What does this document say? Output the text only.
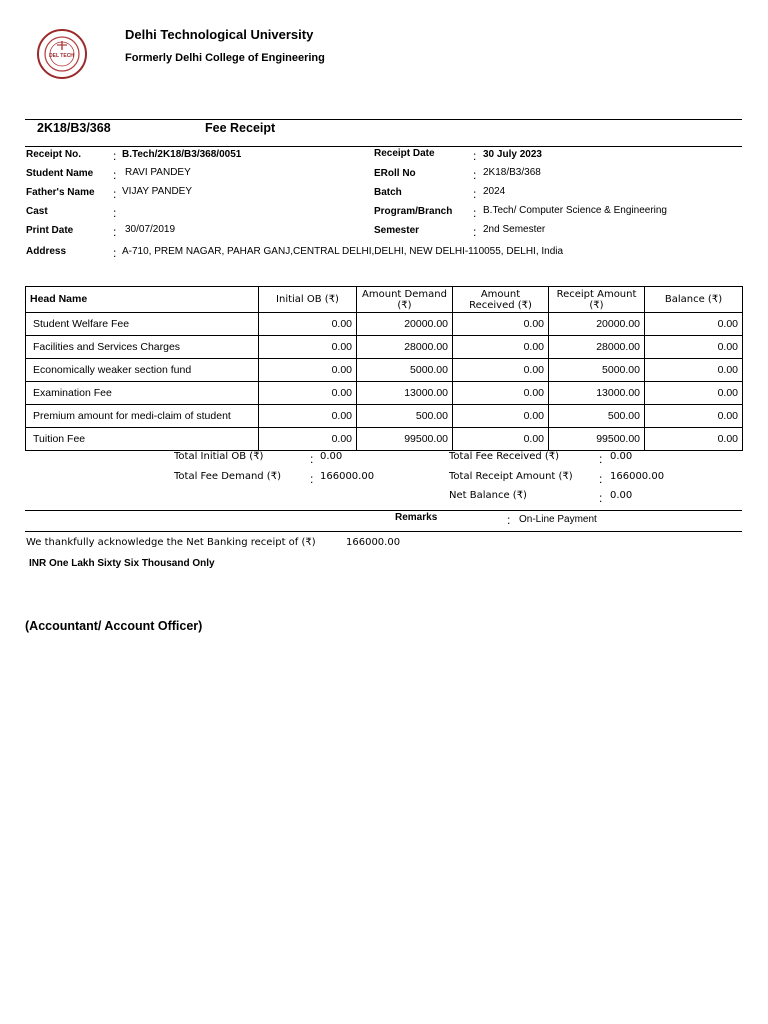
DEL TECH
Delhi Technological University
Formerly Delhi College of Engineering
2K18/B3/368	Fee Receipt
Receipt No.	: B.Tech/2K18/B3/368/0051
Student Name : RAVI PANDEY
Father's Name : VIJAY PANDEY
Cast	:
Print Date	: 30/07/2019
Address	: A-710, PREM NAGAR, PAHAR GANJ,CENTRAL DELHI,DELHI, NEW DELHI-110055, DELHI, India
Receipt Date	: 30 July 2023
ERoll No	: 2K18/B3/368
Batch	: 2024
Program/Branch : B.Tech/ Computer Science & Engineering
Semester	: 2nd Semester
Head Name	Initial OB (₹)	Amount Demand (₹)	Amount Received (₹)	Receipt Amount (₹)	Balance (₹)
Student Welfare Fee	0.00	20000.00	0.00	20000.00	0.00
Facilities and Services Charges	0.00	28000.00	0.00	28000.00	0.00
Economically weaker section fund	0.00	5000.00	0.00	5000.00	0.00
Examination Fee	0.00	13000.00	0.00	13000.00	0.00
Premium amount for medi-claim of student	0.00	500.00	0.00	500.00	0.00
Tuition Fee	0.00	99500.00	0.00	99500.00	0.00
Total Initial OB (₹)	: 0.00
Total Fee Demand (₹) : 166000.00
Total Fee Received (₹)	: 0.00
Total Receipt Amount (₹) : 166000.00
Net Balance (₹)	: 0.00
Remarks	: On-Line Payment
We thankfully acknowledge the Net Banking receipt of (₹)	166000.00
INR One Lakh Sixty Six Thousand Only
(Accountant/ Account Officer)
